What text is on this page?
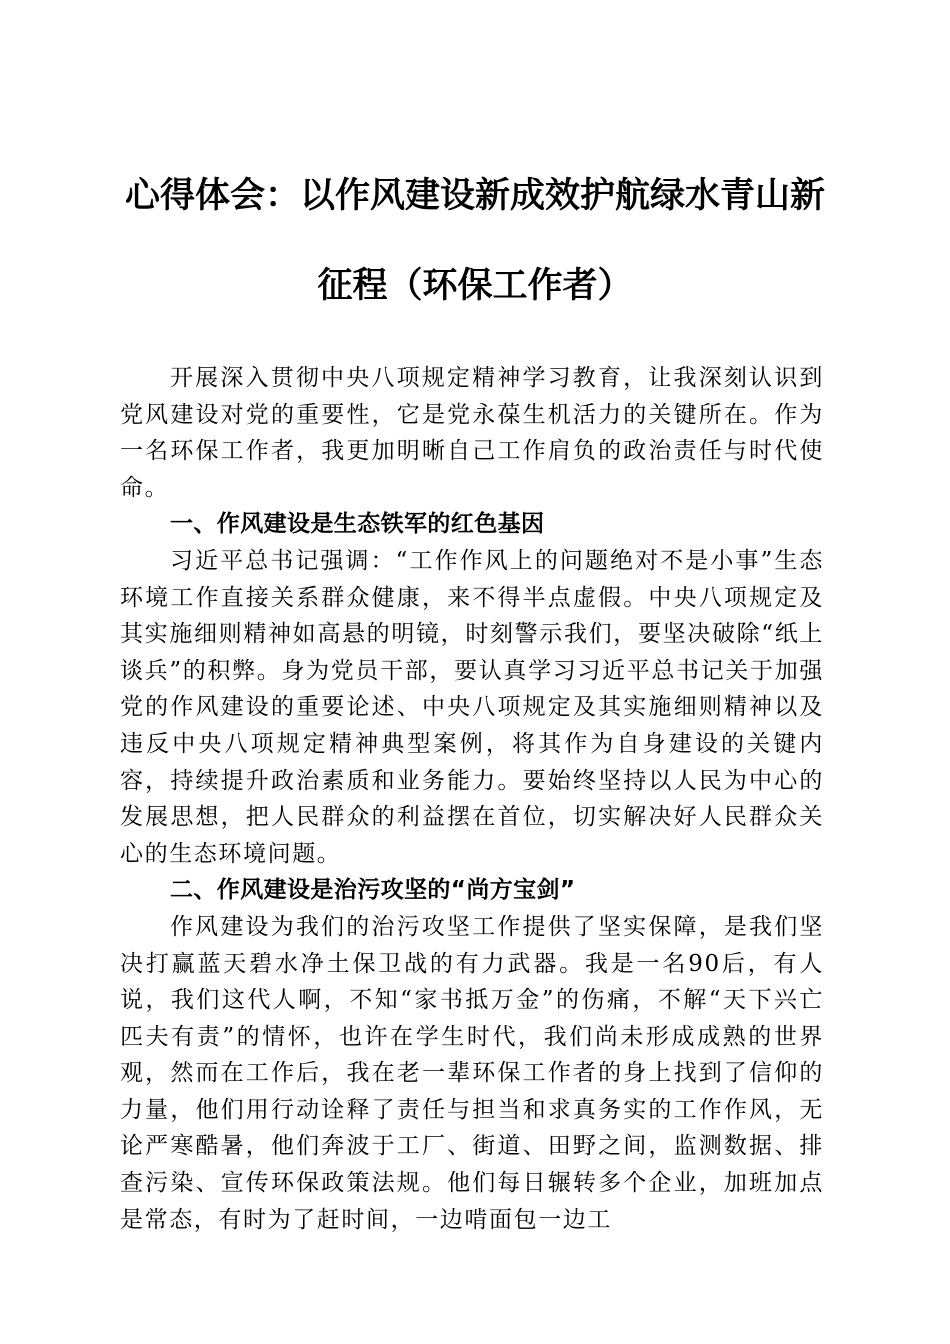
心得体会：以作风建设新成效护航绿水青山新
征程（环保工作者）

开展深入贯彻中央八项规定精神学习教育，让我深刻认识到党风建设对党的重要性，它是党永葆生机活力的关键所在。作为一名环保工作者，我更加明晰自己工作肩负的政治责任与时代使命。

一、作风建设是生态铁军的红色基因

习近平总书记强调：“工作作风上的问题绝对不是小事”生态环境工作直接关系群众健康，来不得半点虚假。中央八项规定及其实施细则精神如高悬的明镜，时刻警示我们，要坚决破除“纸上谈兵”的积弊。身为党员干部，要认真学习习近平总书记关于加强党的作风建设的重要论述、中央八项规定及其实施细则精神以及违反中央八项规定精神典型案例，将其作为自身建设的关键内容，持续提升政治素质和业务能力。要始终坚持以人民为中心的发展思想，把人民群众的利益摆在首位，切实解决好人民群众关心的生态环境问题。

二、作风建设是治污攻坚的“尚方宝剑”

作风建设为我们的治污攻坚工作提供了坚实保障，是我们坚决打赢蓝天碧水净土保卫战的有力武器。我是一名90后，有人说，我们这代人啊，不知“家书抵万金”的伤痛，不解“天下兴亡匹夫有责”的情怀，也许在学生时代，我们尚未形成成熟的世界观，然而在工作后，我在老一辈环保工作者的身上找到了信仰的力量，他们用行动诠释了责任与担当和求真务实的工作作风，无论严寒酷暑，他们奔波于工厂、街道、田野之间，监测数据、排查污染、宣传环保政策法规。他们每日辗转多个企业，加班加点是常态，有时为了赶时间，一边啃面包一边工
